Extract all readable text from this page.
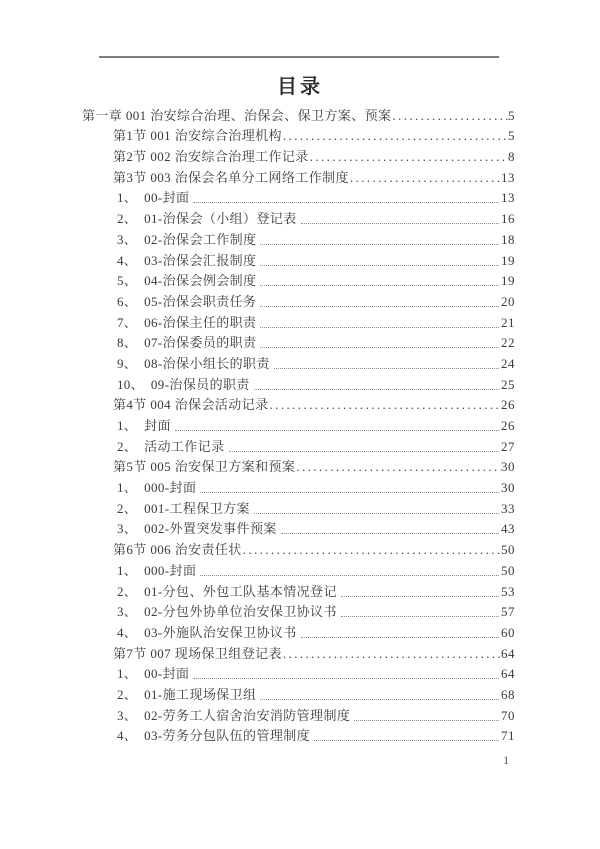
目录
第一章 001 治安综合治理、治保会、保卫方案、预案 .....	5
第1节 001 治安综合治理机构 .....	5
第2节 002 治安综合治理工作记录 .....	8
第3节 003 治保会名单分工网络工作制度 .....	13
1、 00-封面	13
2、 01-治保会（小组）登记表	16
3、 02-治保会工作制度	18
4、 03-治保会汇报制度	19
5、 04-治保会例会制度	19
6、 05-治保会职责任务	20
7、 06-治保主任的职责	21
8、 07-治保委员的职责	22
9、 08-治保小组长的职责	24
10、 09-治保员的职责	25
第4节 004 治保会活动记录 .....	26
1、 封面	26
2、 活动工作记录	27
第5节 005 治安保卫方案和预案 .....	30
1、 000-封面	30
2、 001-工程保卫方案	33
3、 002-外置突发事件预案	43
第6节 006 治安责任状 .....	50
1、 000-封面	50
2、 01-分包、外包工队基本情况登记	53
3、 02-分包外协单位治安保卫协议书	57
4、 03-外施队治安保卫协议书	60
第7节 007 现场保卫组登记表 .....	64
1、 00-封面	64
2、 01-施工现场保卫组	68
3、 02-劳务工人宿舍治安消防管理制度	70
4、 03-劳务分包队伍的管理制度	71
1
